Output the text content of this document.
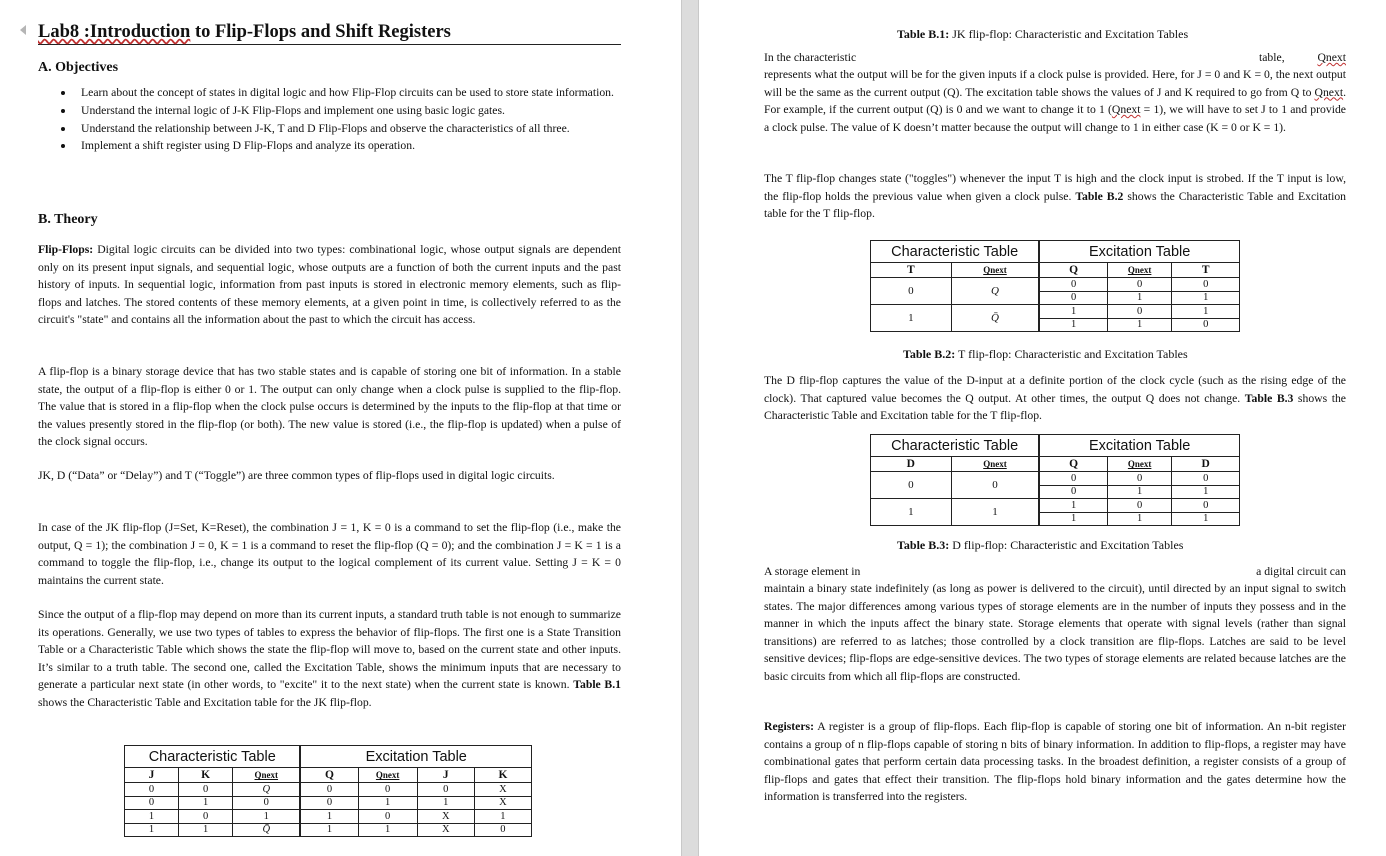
Lab8 :Introduction to Flip-Flops and Shift Registers
A. Objectives
Learn about the concept of states in digital logic and how Flip-Flop circuits can be used to store state information.
Understand the internal logic of J-K Flip-Flops and implement one using basic logic gates.
Understand the relationship between J-K, T and D Flip-Flops and observe the characteristics of all three.
Implement a shift register using D Flip-Flops and analyze its operation.
B. Theory

Flip-Flops: Digital logic circuits can be divided into two types: combinational logic, whose output signals are dependent only on its present input signals, and sequential logic, whose outputs are a function of both the current inputs and the past history of inputs. In sequential logic, information from past inputs is stored in electronic memory elements, such as flip-flops and latches. The stored contents of these memory elements, at a given point in time, is collectively referred to as the circuit's "state" and contains all the information about the past to which the circuit has access.

A flip-flop is a binary storage device that has two stable states and is capable of storing one bit of information. In a stable state, the output of a flip-flop is either 0 or 1. The output can only change when a clock pulse is supplied to the flip-flop. The value that is stored in a flip-flop when the clock pulse occurs is determined by the inputs to the flip-flop at that time or the values presently stored in the flip-flop (or both). The new value is stored (i.e., the flip-flop is updated) when a pulse of the clock signal occurs.

JK, D (“Data” or “Delay”) and T (“Toggle”) are three common types of flip-flops used in digital logic circuits.

In case of the JK flip-flop (J=Set, K=Reset), the combination J = 1, K = 0 is a command to set the flip-flop (i.e., make the output, Q = 1); the combination J = 0, K = 1 is a command to reset the flip-flop (Q = 0); and the combination J = K = 1 is a command to toggle the flip-flop, i.e., change its output to the logical complement of its current value. Setting J = K = 0 maintains the current state.

Since the output of a flip-flop may depend on more than its current inputs, a standard truth table is not enough to summarize its operations. Generally, we use two types of tables to express the behavior of flip-flops. The first one is a State Transition Table or a Characteristic Table which shows the state the flip-flop will move to, based on the current state and other inputs. It’s similar to a truth table. The second one, called the Excitation Table, shows the minimum inputs that are necessary to generate a particular next state (in other words, to "excite" it to the next state) when the current state is known. Table B.1 shows the Characteristic Table and Excitation table for the JK flip-flop.

Characteristic Table			Excitation Table			
J	K	Qnext	Q	Qnext	J	K
0	0	Q	0	0	0	X
0	1	0	0	1	1	X
1	0	1	1	0	X	1
1	1	Q̄	1	1	X	0
Table B.1: JK flip-flop: Characteristic and Excitation Tables
In the characteristic	table,	Qnext

represents what the output will be for the given inputs if a clock pulse is provided. Here, for J = 0 and K = 0, the next output will be the same as the current output (Q). The excitation table shows the values of J and K required to go from Q to Qnext. For example, if the current output (Q) is 0 and we want to change it to 1 (Qnext = 1), we will have to set J to 1 and provide a clock pulse. The value of K doesn’t matter because the output will change to 1 in either case (K = 0 or K = 1).

The T flip-flop changes state ("toggles") whenever the input T is high and the clock input is strobed. If the T input is low, the flip-flop holds the previous value when given a clock pulse. Table B.2 shows the Characteristic Table and Excitation table for the T flip-flop.

Characteristic Table		Excitation Table		
T	Qnext	Q	Qnext	T
0	Q	0	0	0
		0	1	1
1	Q̄	1	0	1
		1	1	0
Table B.2: T flip-flop: Characteristic and Excitation Tables

The D flip-flop captures the value of the D-input at a definite portion of the clock cycle (such as the rising edge of the clock). That captured value becomes the Q output. At other times, the output Q does not change. Table B.3 shows the Characteristic Table and Excitation table for the T flip-flop.

Characteristic Table		Excitation Table		
D	Qnext	Q	Qnext	D
0	0	0	0	0
		0	1	1
1	1	1	0	0
		1	1	1
Table B.3: D flip-flop: Characteristic and Excitation Tables
A storage element in	a digital circuit can

maintain a binary state indefinitely (as long as power is delivered to the circuit), until directed by an input signal to switch states. The major differences among various types of storage elements are in the number of inputs they possess and in the manner in which the inputs affect the binary state. Storage elements that operate with signal levels (rather than signal transitions) are referred to as latches; those controlled by a clock transition are flip-flops. Latches are said to be level sensitive devices; flip-flops are edge-sensitive devices. The two types of storage elements are related because latches are the basic circuits from which all flip-flops are constructed.

Registers: A register is a group of flip-flops. Each flip-flop is capable of storing one bit of information. An n-bit register contains a group of n flip-flops capable of storing n bits of binary information. In addition to flip-flops, a register may have combinational gates that perform certain data processing tasks. In the broadest definition, a register consists of a group of flip-flops and gates that effect their transition. The flip-flops hold binary information and the gates determine how the information is transferred into the registers.
